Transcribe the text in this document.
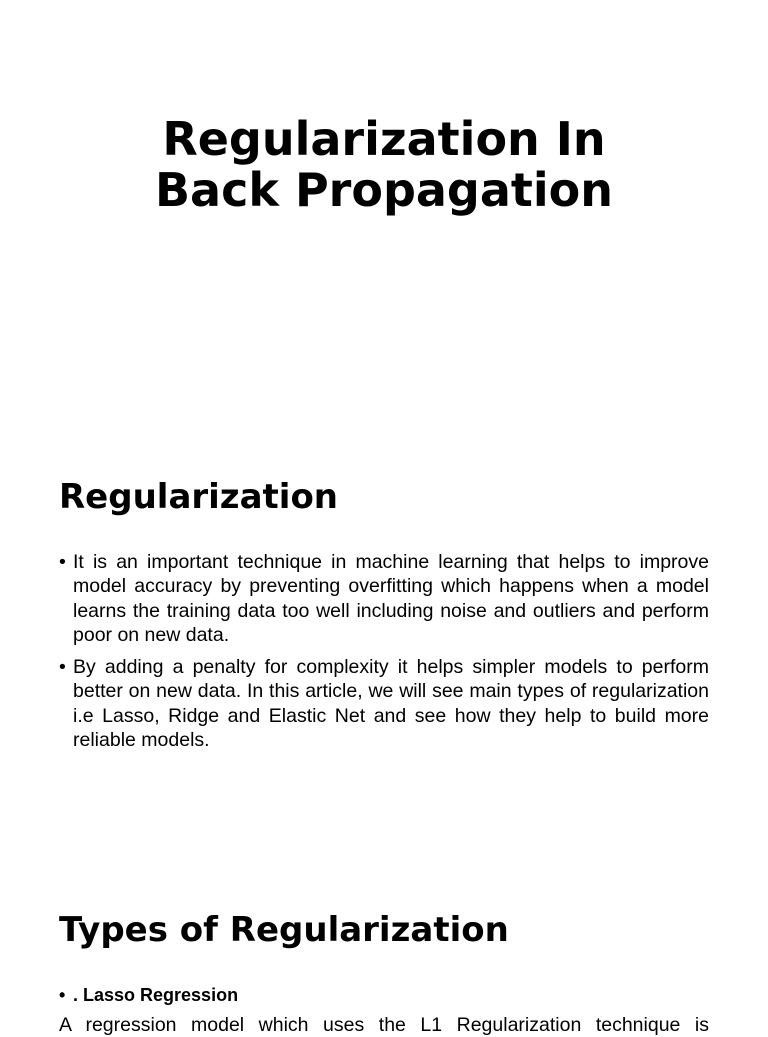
Regularization In
Back Propagation
Regularization
• It is an important technique in machine learning that helps to improve model accuracy by preventing overfitting which happens when a model learns the training data too well including noise and outliers and perform poor on new data.
• By adding a penalty for complexity it helps simpler models to perform better on new data. In this article, we will see main types of regularization i.e Lasso, Ridge and Elastic Net and see how they help to build more reliable models.
Types of Regularization
• . Lasso Regression

A regression model which uses the L1 Regularization technique is
